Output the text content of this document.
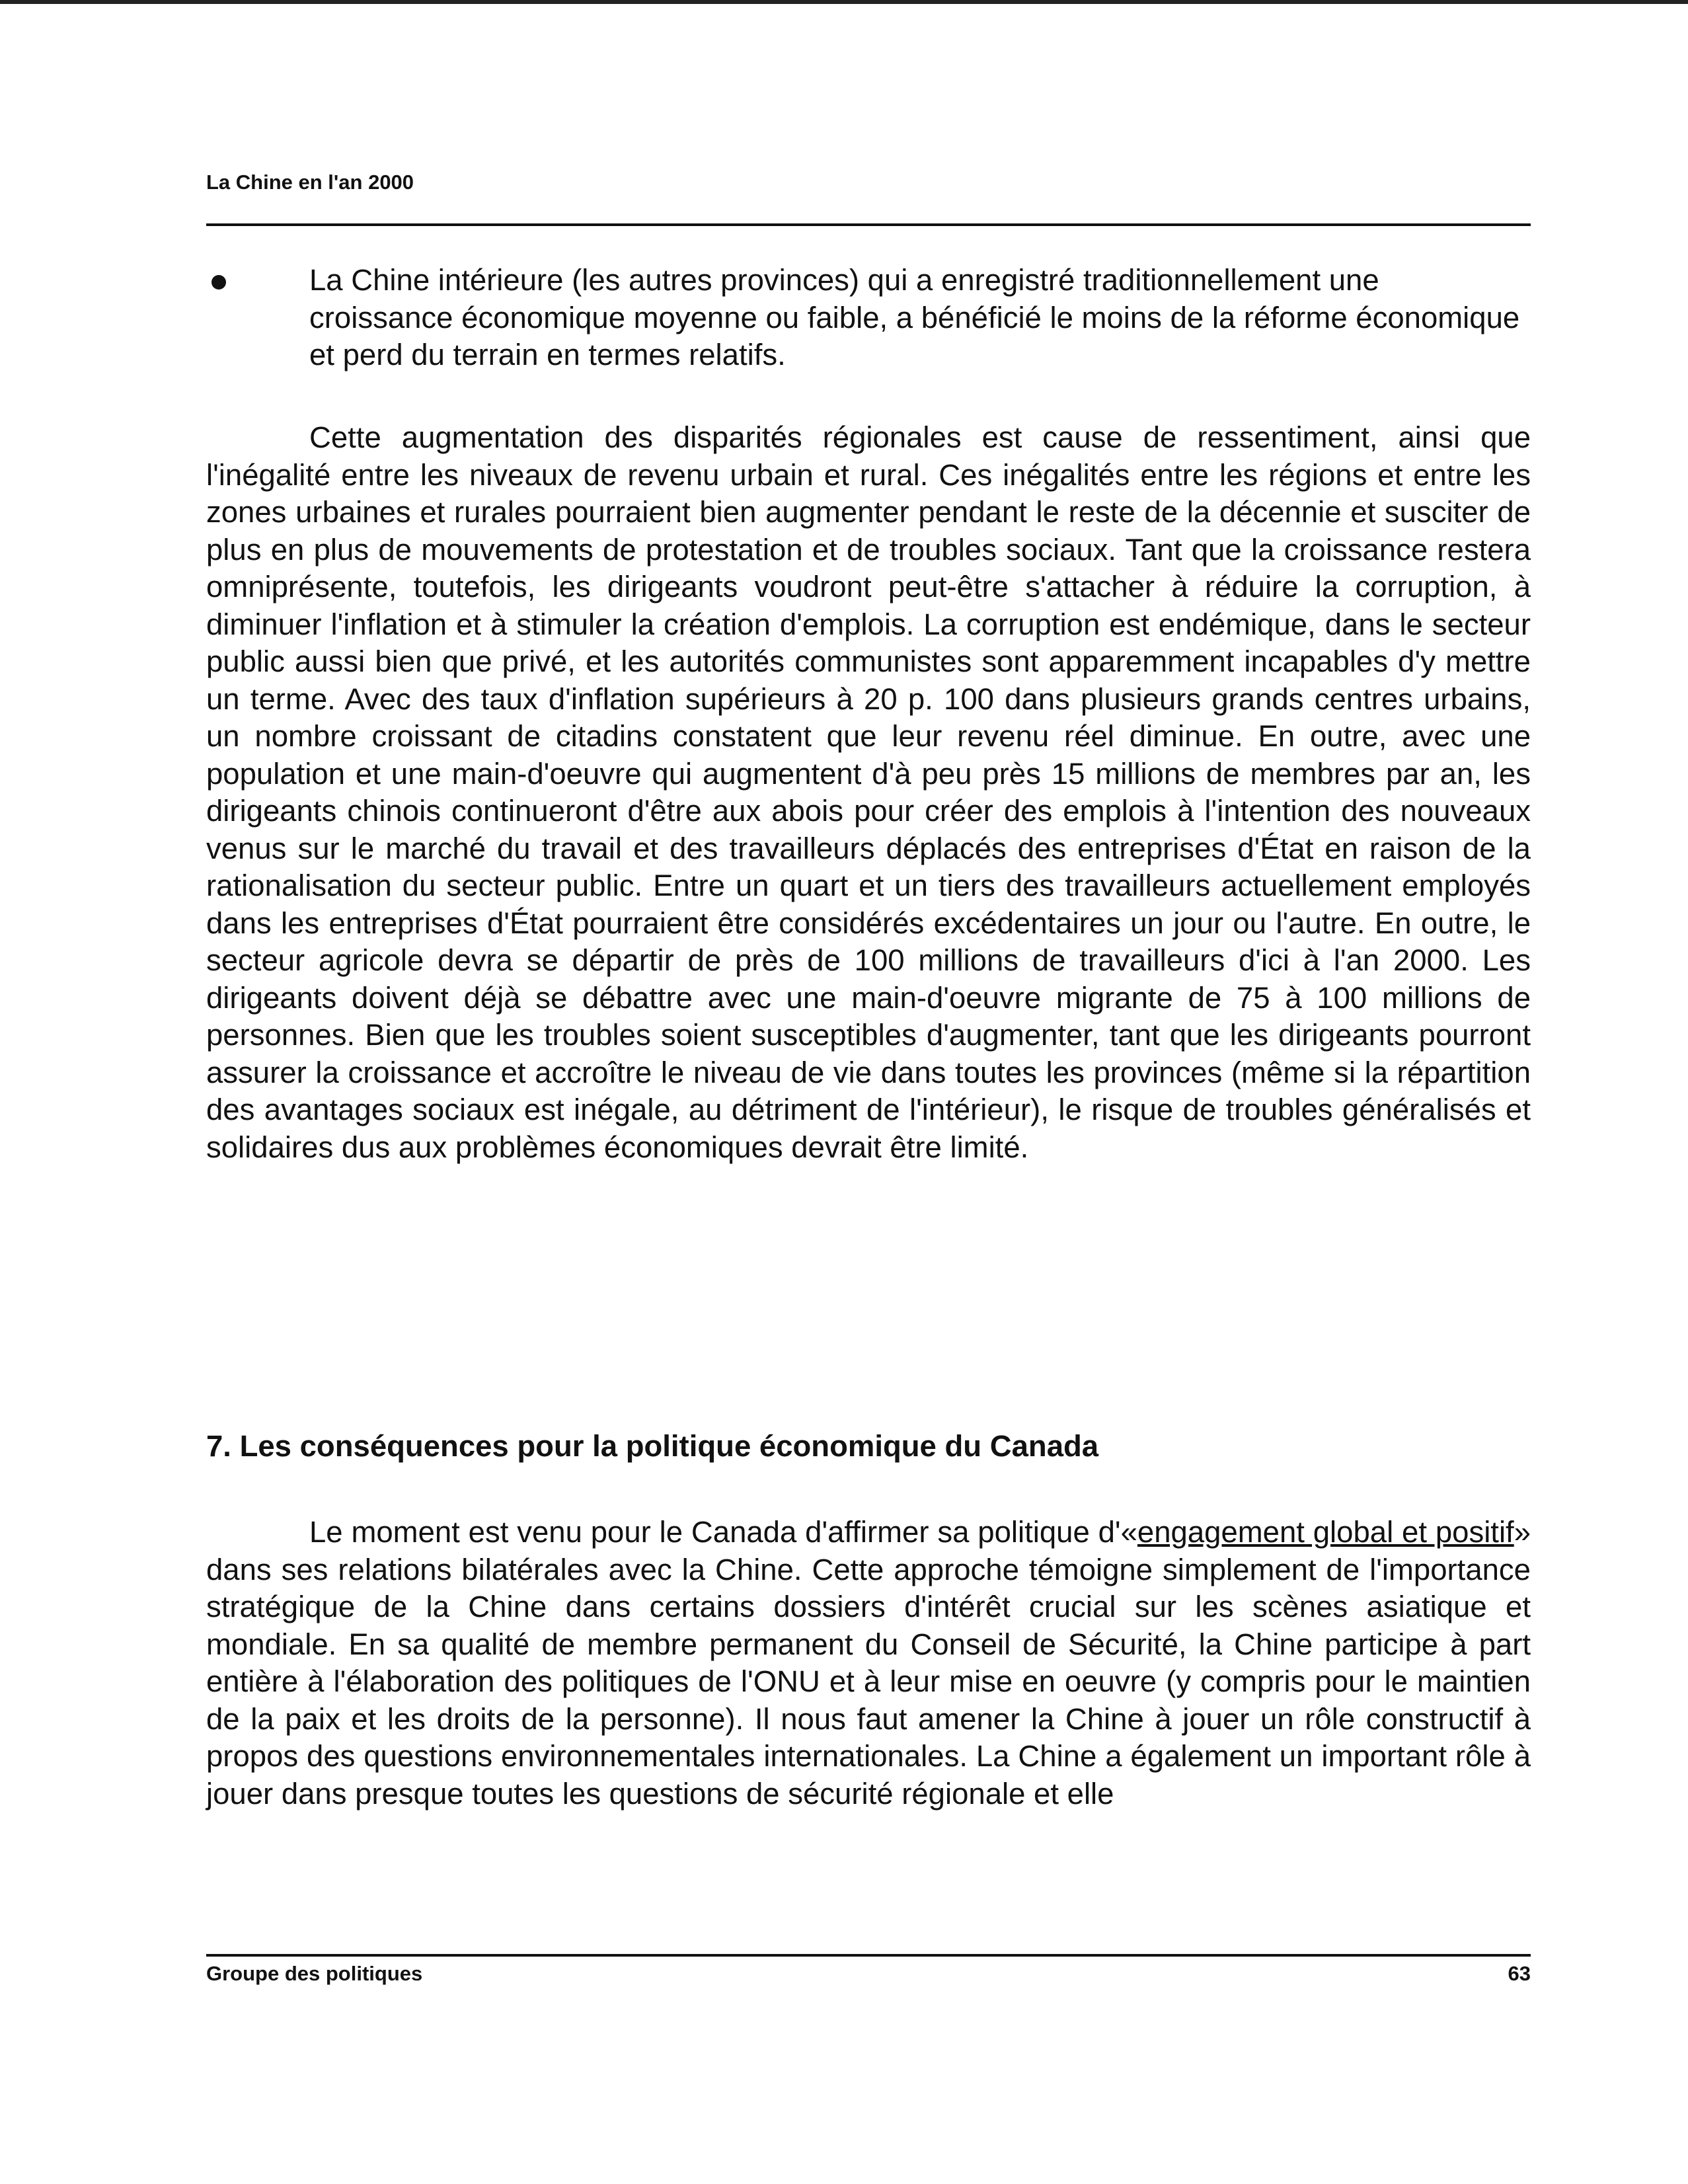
La Chine en l'an 2000

La Chine intérieure (les autres provinces) qui a enregistré traditionnellement une croissance économique moyenne ou faible, a bénéficié le moins de la réforme économique et perd du terrain en termes relatifs.

Cette augmentation des disparités régionales est cause de ressentiment, ainsi que l'inégalité entre les niveaux de revenu urbain et rural. Ces inégalités entre les régions et entre les zones urbaines et rurales pourraient bien augmenter pendant le reste de la décennie et susciter de plus en plus de mouvements de protestation et de troubles sociaux. Tant que la croissance restera omniprésente, toutefois, les dirigeants voudront peut-être s'attacher à réduire la corruption, à diminuer l'inflation et à stimuler la création d'emplois. La corruption est endémique, dans le secteur public aussi bien que privé, et les autorités communistes sont apparemment incapables d'y mettre un terme. Avec des taux d'inflation supérieurs à 20 p. 100 dans plusieurs grands centres urbains, un nombre croissant de citadins constatent que leur revenu réel diminue. En outre, avec une population et une main-d'oeuvre qui augmentent d'à peu près 15 millions de membres par an, les dirigeants chinois continueront d'être aux abois pour créer des emplois à l'intention des nouveaux venus sur le marché du travail et des travailleurs déplacés des entreprises d'État en raison de la rationalisation du secteur public. Entre un quart et un tiers des travailleurs actuellement employés dans les entreprises d'État pourraient être considérés excédentaires un jour ou l'autre. En outre, le secteur agricole devra se départir de près de 100 millions de travailleurs d'ici à l'an 2000. Les dirigeants doivent déjà se débattre avec une main-d'oeuvre migrante de 75 à 100 millions de personnes. Bien que les troubles soient susceptibles d'augmenter, tant que les dirigeants pourront assurer la croissance et accroître le niveau de vie dans toutes les provinces (même si la répartition des avantages sociaux est inégale, au détriment de l'intérieur), le risque de troubles généralisés et solidaires dus aux problèmes économiques devrait être limité.

7. Les conséquences pour la politique économique du Canada

Le moment est venu pour le Canada d'affirmer sa politique d'«engagement global et positif» dans ses relations bilatérales avec la Chine. Cette approche témoigne simplement de l'importance stratégique de la Chine dans certains dossiers d'intérêt crucial sur les scènes asiatique et mondiale. En sa qualité de membre permanent du Conseil de Sécurité, la Chine participe à part entière à l'élaboration des politiques de l'ONU et à leur mise en oeuvre (y compris pour le maintien de la paix et les droits de la personne). Il nous faut amener la Chine à jouer un rôle constructif à propos des questions environnementales internationales. La Chine a également un important rôle à jouer dans presque toutes les questions de sécurité régionale et elle

Groupe des politiques	63
